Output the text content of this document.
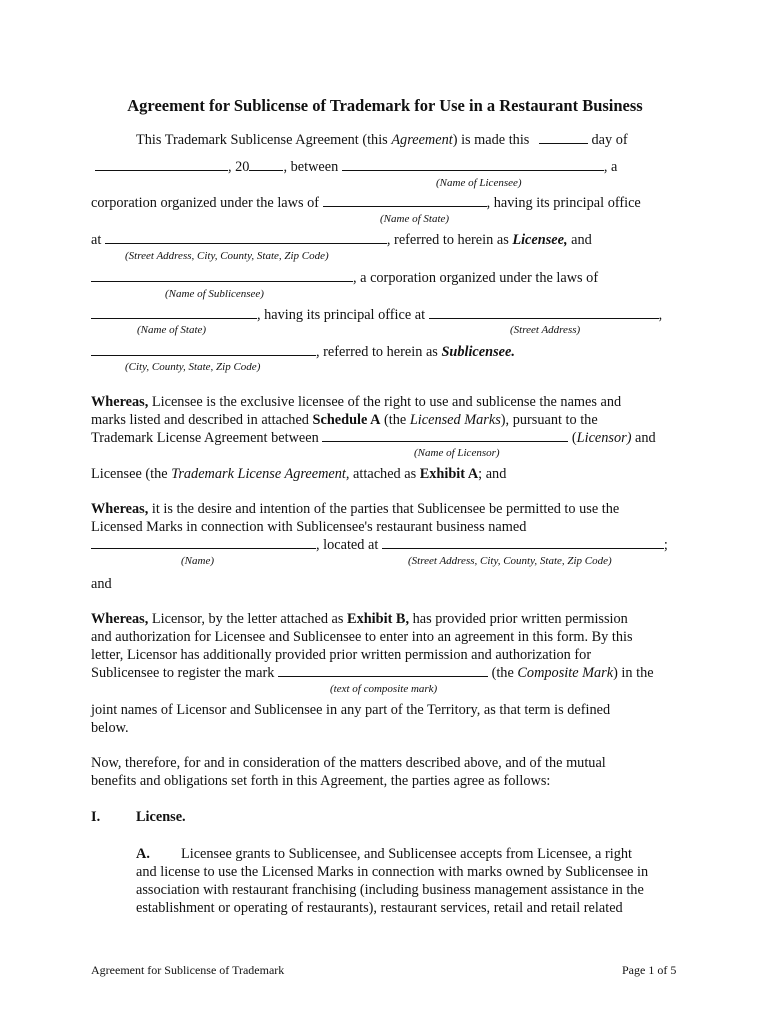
Agreement for Sublicense of Trademark for Use in a Restaurant Business
This Trademark Sublicense Agreement (this Agreement) is made this	day of
, 20 , between	, a
(Name of Licensee)
corporation organized under the laws of	, having its principal office
(Name of State)
at	, referred to herein as Licensee, and
(Street Address, City, County, State, Zip Code)
, a corporation organized under the laws of
(Name of Sublicensee)
, having its principal office at	,
(Name of State)	(Street Address)
, referred to herein as Sublicensee.
(City, County, State, Zip Code)
Whereas, Licensee is the exclusive licensee of the right to use and sublicense the names and
marks listed and described in attached Schedule A (the Licensed Marks), pursuant to the
Trademark License Agreement between	(Licensor) and
(Name of Licensor)
Licensee (the Trademark License Agreement, attached as Exhibit A; and
Whereas, it is the desire and intention of the parties that Sublicensee be permitted to use the
Licensed Marks in connection with Sublicensee's restaurant business named
, located at	;
(Name)	(Street Address, City, County, State, Zip Code)
and
Whereas, Licensor, by the letter attached as Exhibit B, has provided prior written permission
and authorization for Licensee and Sublicensee to enter into an agreement in this form. By this
letter, Licensor has additionally provided prior written permission and authorization for
Sublicensee to register the mark	(the Composite Mark) in the
(text of composite mark)
joint names of Licensor and Sublicensee in any part of the Territory, as that term is defined
below.
Now, therefore, for and in consideration of the matters described above, and of the mutual
benefits and obligations set forth in this Agreement, the parties agree as follows:
I.	License.
A. Licensee grants to Sublicensee, and Sublicensee accepts from Licensee, a right
and license to use the Licensed Marks in connection with marks owned by Sublicensee in
association with restaurant franchising (including business management assistance in the
establishment or operating of restaurants), restaurant services, retail and retail related
Agreement for Sublicense of Trademark	Page 1 of 5
